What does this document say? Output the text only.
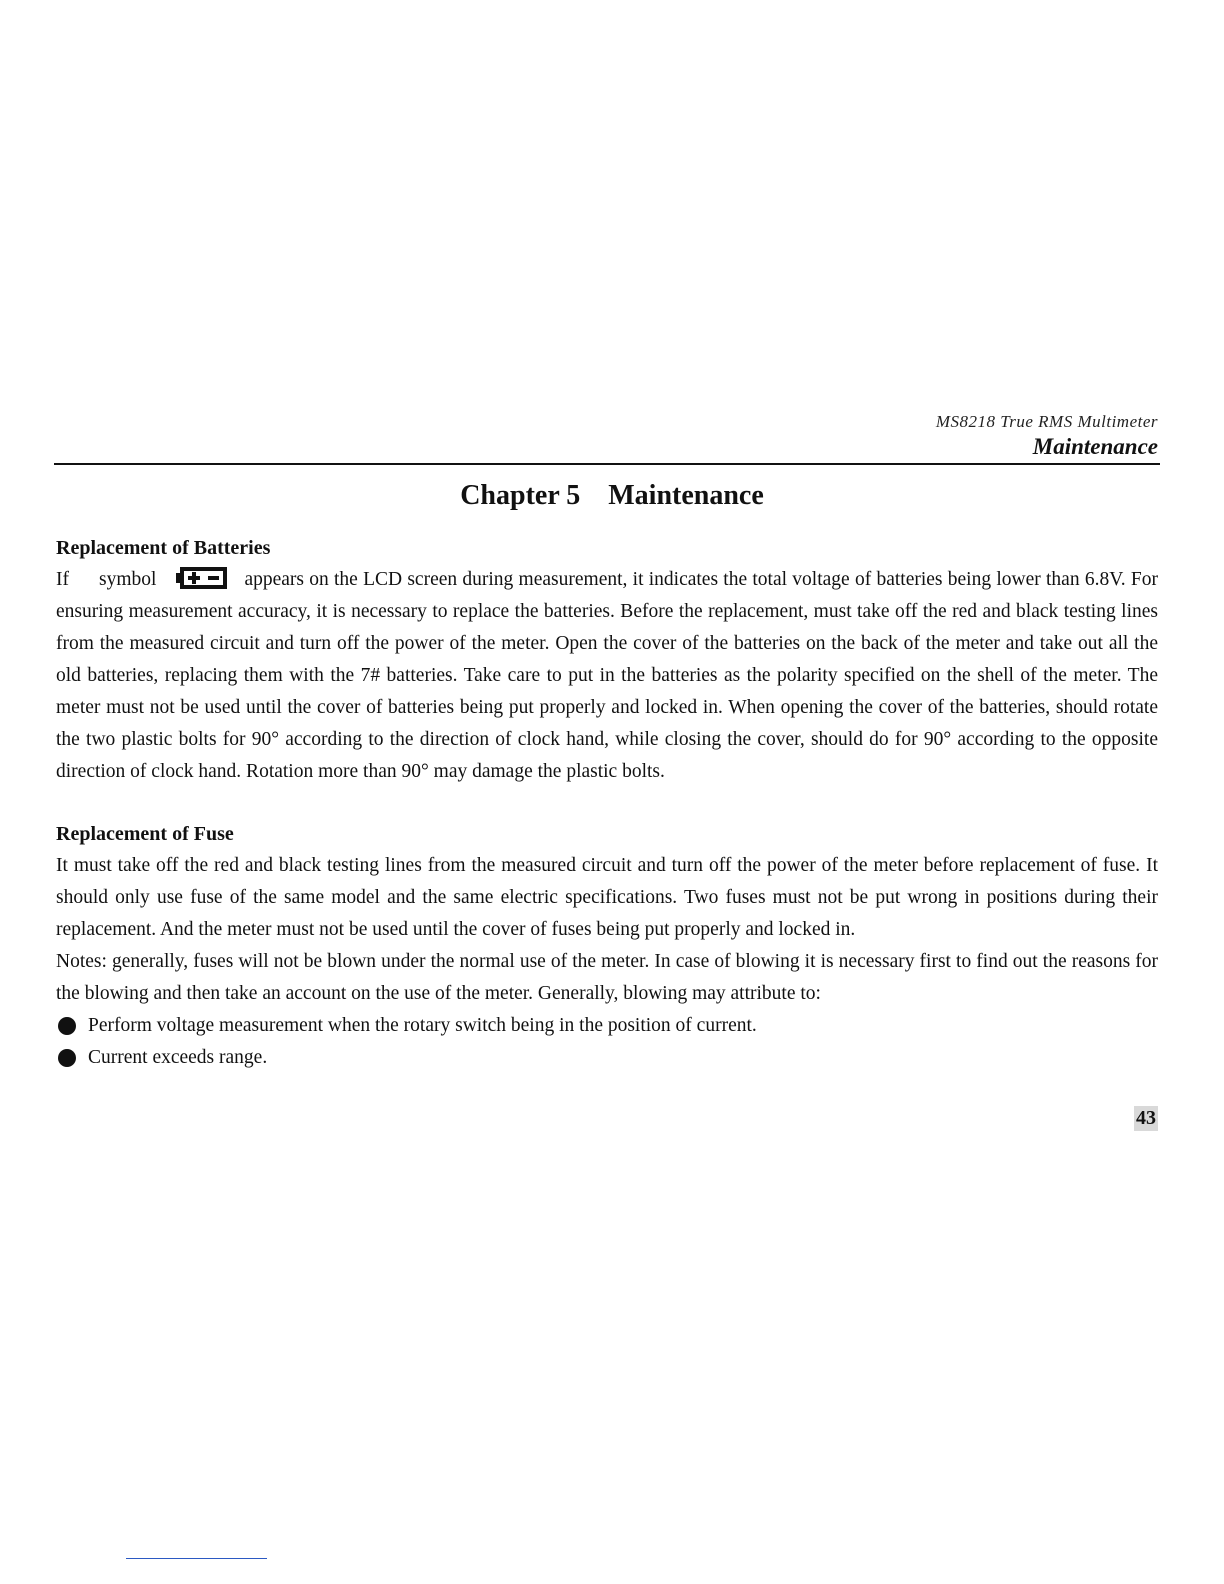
MS8218 True RMS Multimeter
Maintenance
Chapter 5    Maintenance

Replacement of Batteries

If symbol	appears on the LCD screen during measurement, it indicates the total voltage of batteries being lower than 6.8V. For ensuring measurement accuracy, it is necessary to replace the batteries. Before the replacement, must take off the red and black testing lines from the measured circuit and turn off the power of the meter. Open the cover of the batteries on the back of the meter and take out all the old batteries, replacing them with the 7# batteries. Take care to put in the batteries as the polarity specified on the shell of the meter. The meter must not be used until the cover of batteries being put properly and locked in. When opening the cover of the batteries, should rotate the two plastic bolts for 90° according to the direction of clock hand, while closing the cover, should do for 90° according to the opposite direction of clock hand. Rotation more than 90° may damage the plastic bolts.

Replacement of Fuse

It must take off the red and black testing lines from the measured circuit and turn off the power of the meter before replacement of fuse. It should only use fuse of the same model and the same electric specifications. Two fuses must not be put wrong in positions during their replacement. And the meter must not be used until the cover of fuses being put properly and locked in.

Notes: generally, fuses will not be blown under the normal use of the meter. In case of blowing it is necessary first to find out the reasons for the blowing and then take an account on the use of the meter. Generally, blowing may attribute to:

Perform voltage measurement when the rotary switch being in the position of current.
Current exceeds range.
43
